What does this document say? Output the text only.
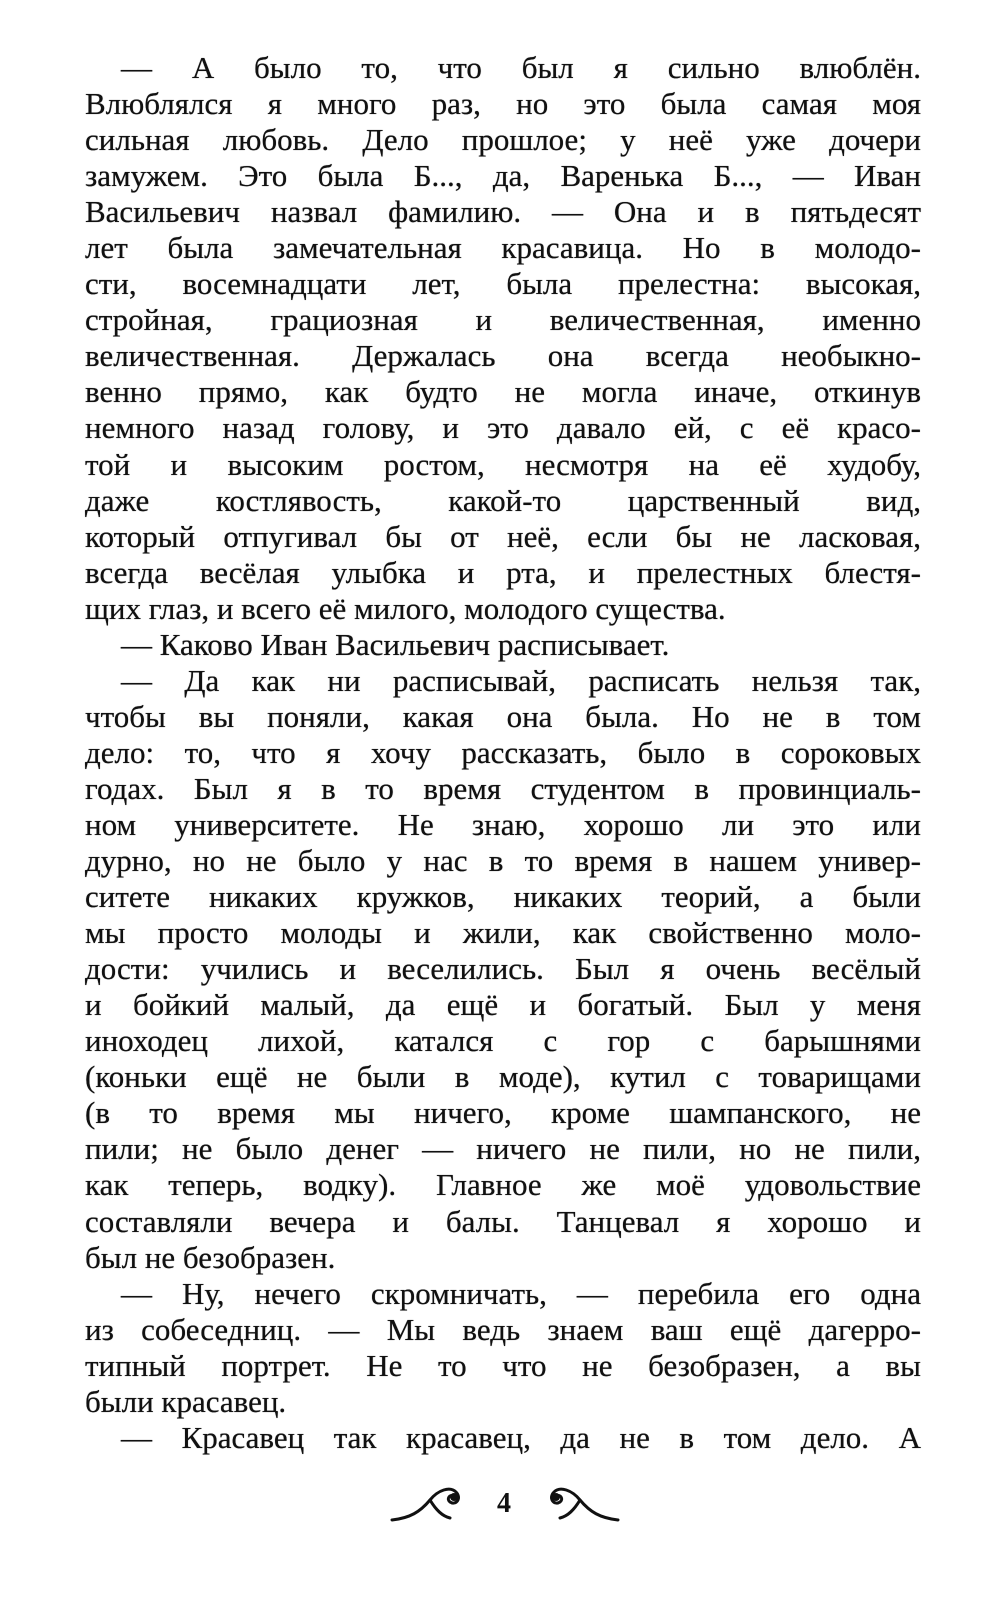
— А было то, что был я сильно влюблён.
Влюблялся я много раз, но это была самая моя
сильная любовь. Дело прошлое; у неё уже дочери
замужем. Это была Б..., да, Варенька Б..., — Иван
Васильевич назвал фамилию. — Она и в пятьдесят
лет была замечательная красавица. Но в молодо-
сти, восемнадцати лет, была прелестна: высокая,
стройная, грациозная и величественная, именно
величественная. Держалась она всегда необыкно-
венно прямо, как будто не могла иначе, откинув
немного назад голову, и это давало ей, с её красо-
той и высоким ростом, несмотря на её худобу,
даже костлявость, какой-то царственный вид,
который отпугивал бы от неё, если бы не ласковая,
всегда весёлая улыбка и рта, и прелестных блестя-
щих глаз, и всего её милого, молодого существа.
— Каково Иван Васильевич расписывает.
— Да как ни расписывай, расписать нельзя так,
чтобы вы поняли, какая она была. Но не в том
дело: то, что я хочу рассказать, было в сороковых
годах. Был я в то время студентом в провинциаль-
ном университете. Не знаю, хорошо ли это или
дурно, но не было у нас в то время в нашем универ-
ситете никаких кружков, никаких теорий, а были
мы просто молоды и жили, как свойственно моло-
дости: учились и веселились. Был я очень весёлый
и бойкий малый, да ещё и богатый. Был у меня
иноходец лихой, катался с гор с барышнями
(коньки ещё не были в моде), кутил с товарищами
(в то время мы ничего, кроме шампанского, не
пили; не было денег — ничего не пили, но не пили,
как теперь, водку). Главное же моё удовольствие
составляли вечера и балы. Танцевал я хорошо и
был не безобразен.
— Ну, нечего скромничать, — перебила его одна
из собеседниц. — Мы ведь знаем ваш ещё дагерро-
типный портрет. Не то что не безобразен, а вы
были красавец.
— Красавец так красавец, да не в том дело. А
4
